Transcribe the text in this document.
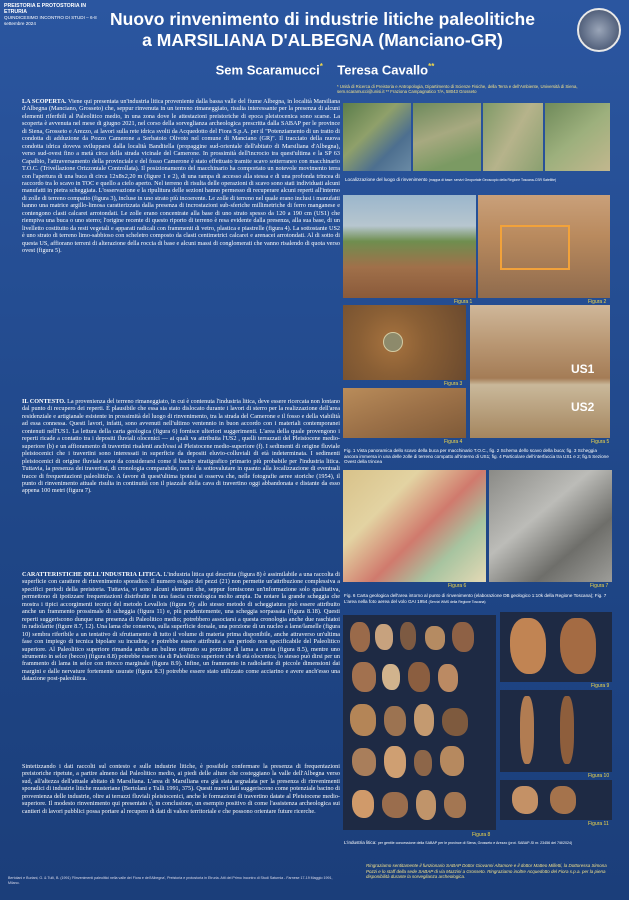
PREISTORIA E PROTOSTORIA IN ETRURIA
QUINDICESIMO INCONTRO DI STUDI – 6-8 settembre 2024	Nuovo rinvenimento di industrie litiche paleolitiche
a MARSILIANA D'ALBEGNA (Manciano-GR)
Sem Scaramucci* Teresa Cavallo**
* Unità di Ricerca di Preistoria e Antropologia, Dipartimento di Scienze Fisiche, della Terra e dell'Ambiente, Università di Siena, sem.scaramucci@unisi.it ** Fraziona Campagnatico 7/A, 58043 Grosseto

LA SCOPERTA. Viene qui presentata un'industria litica proveniente dalla bassa valle del fiume Albegna, in località Marsiliana d'Albegna (Manciano, Grosseto) che, seppur rinvenuta in un terreno rimaneggiato, risulta interessante per la presenza di alcuni elementi riferibili al Paleolitico medio, in una zona dove le attestazioni preistoriche di epoca pleistocenica sono scarse. La scoperta è avvenuta nel mese di giugno 2021, nel corso della sorveglianza archeologica prescritta dalla SABAP per le province di Siena, Grosseto e Arezzo, ai lavori sulla rete idrica svolti da Acquedotto del Fiora S.p.A. per il "Potenziamento di un tratto di condotta di adduzione da Pozzo Camerone a Serbatoio Olivoto nel comune di Manciano (GR)". Il tracciato della nuova condotta idrica doveva svilupparsi dalla località Banditella (propaggine sud-orientale dell'abitato di Marsiliana d'Albegna), verso sud-ovest fino a metà circa della strada vicinale del Camerone. In prossimità dell'incrocio tra quest'ultima e la SP 63 Capalbio, l'attraversamento della provinciale e del fosso Camerone è stato effettuato tramite scavo sotterraneo con macchinario T.O.C. (Trivellazione Orizzontale Controllata). Il posizionamento del macchinario ha comportato un notevole movimento terra con l'apertura di una buca di circa 12x8x2,20 m (figure 1 e 2), di una rampa di accesso alla stessa e di una profonda trincea di raccordo tra lo scavo in TOC e quello a cielo aperto. Nel terreno di risulta delle operazioni di scavo sono stati individuati alcuni manufatti in pietra scheggiata. L'osservazione e la ripulitura delle sezioni hanno permesso di recuperare alcuni reperti all'interno di zolle di terreno compatto (figura 3), incluse in uno strato più incoerente. Le zolle di terreno nel quale erano inclusi i manufatti hanno una matrice argillo-limosa caratterizzata dalla presenza di incrostazioni sub-sferiche millimetriche di ferro manganese e contengono clasti calcarei arrotondati. Le zolle erano concentrate alla base di uno strato spesso da 120 a 190 cm (US1) che riempiva una buca o uno sterro; l'origine recente di questo riporto di terreno è resa evidente dalla presenza, alla sua base, di un livelletto costituito da resti vegetali e apparati radicali con frammenti di vetro, plastica e piastrelle (figura 4). La sottostante US2 è uno strato di terreno limo-sabbioso con scheletro composto da clasti centimetrici calcarei e arenacei arrotondati. Al di sotto di questa US, affiorano terreni di alterazione della roccia di base e alcuni massi di conglomerati che vanno risalendo di quota verso ovest (figura 5).

IL CONTESTO. La provenienza del terreno rimaneggiato, in cui è contenuta l'industria litica, deve essere ricercata non lontano dal punto di recupero dei reperti. È plausibile che essa sia stato dislocato durante i lavori di sterro per la realizzazione dell'area residenziale e artigianale esistente in prossimità del luogo di rinvenimento, tra la strada del Camerone e il fosso e della viabilità ad essa connessa. Questi lavori, infatti, sono avvenuti nell'ultimo ventennio in buon accordo con i materiali contemporanei contenuti nell'US1. La lettura della carta geologica (figura 6) fornisce ulteriori suggerimenti. L'area della quale provengono i reperti ricade a contatto tra i depositi fluviali olocenici — ai quali va attribuita l'US2 , quelli terrazzati del Pleistocene medio-superiore (b) e un affioramento di travertini risalenti anch'essi al Pleistocene medio-superiore (f). I sedimenti di origine fluviale pleistocenici che i travertini sono interessati in superficie da depositi eluvio-colluviali di età indeterminata. I sedimenti pleistocenici di origine fluviale sono da considerarsi come il bacino stratigrafico primario più probabile per l'industria litica. Tuttavia, la presenza dei travertini, di cronologia comparabile, non è da sottovalutare in quanto alla localizzazione di eventuali tracce di frequentazioni paleolitiche. A favore di quest'ultima ipotesi si osserva che, nelle fotografie aeree storiche (1954), il punto di rinvenimento attuale risulta in continuità con il piazzale della cava di travertino oggi abbandonata e distante da esso appena 100 metri (figura 7).

CARATTERISTICHE DELL'INDUSTRIA LITICA. L'industria litica qui descritta (figura 8) è assimilabile a una raccolta di superficie con carattere di rinvenimento sporadico. Il numero esiguo dei pezzi (21) non permette un'attribuzione complessiva a specifici periodi della preistoria. Tuttavia, vi sono alcuni elementi che, seppur forniscono un'informazione solo qualitativa, permettono di ipotizzare frequentazioni distribuite in una fascia cronologica molto ampia. Da notare la grande scheggia che mostra i tipici accorgimenti tecnici del metodo Levallois (figura 9): allo stesso metodo di scheggiatura può essere attribuito anche un frammento prossimale di scheggia (figura 11) e, più prudentemente, una scheggia sorpassata (figura 8.18). Questi reperti suggeriscono dunque una presenza di Paleolitico medio; potrebbero associarsi a questa cronologia anche due raschiatoi in radiolarite (figure 8.7, 12). Una lama che conserva, sulla superficie dorsale, una porzione di un nucleo a lame/lamelle (figura 10) sembra riferibile a un tentativo di sfruttamento di tutto il volume di materia prima disponibile, anche attraverso un'ultima fase con impiego di tecnica bipolare su incudine, e potrebbe essere attribuita a un periodo non specificabile del Paleolitico superiore. Al Paleolitico superiore rimanda anche un bulino ottenuto su porzione di lama a cresta (figura 8.5), mentre uno strumento in selce (becco) (figura 8.8) potrebbe essere sia di Paleolitico superiore che di età olocenica; lo stesso può dirsi per un frammento di lama in selce con ritocco marginale (figura 8.9). Infine, un frammento in radiolarite di piccole dimensioni dai margini e dalle nervature fortemente usurate (figura 8.3) potrebbe essere stato utilizzato come acciarino e avere anch'esso una datazione post-paleolitica.

Sintetizzando i dati raccolti sul contesto e sulle industrie litiche, è possibile confermare la presenza di frequentazioni preistoriche ripetute, a partire almeno dal Paleolitico medio, ai piedi delle alture che costeggiano la valle dell'Albegna verso sud, all'altezza dell'attuale abitato di Marsiliana. L'area di Marsiliana era già stata segnalata per la presenza di rinvenimenti sporadici di industrie litiche musteriane (Bertolani e Tulli 1991, 375). Questi nuovi dati suggeriscono come potenziale bacino di provenienza delle industrie, oltre ai terrazzi fluviali pleistocenici, anche le formazioni di travertino datate al Pleistocene medio-superiore. Il modesto rinvenimento qui presentato è, in conclusione, un esempio positivo di come l'assistenza archeologica sui cantieri di lavori pubblici possa portare al recupero di dati di valore territoriale e che possono orientare future ricerche.

Bertolani e Buriani, G. & Tulli, B. (1991) 'Rinvenimenti paleolitici nella valle del Fiora e dell'Albegna', Preistoria e protostoria in Etruria. Atti del Primo Incontro di Studi Saturnia - Farnese 17-19 Maggio 1991, Milano.
Localizzazione del luogo di rinvenimento (mappa di base: servizi Geoportale Geoscopio della Regione Toscana-CSR Satellite)
Figura 1	Figura 2
Figura 3
Figura 4
US1
US2
Figura 5
Fig. 1 Vista panoramica dello scavo della buca per macchinario T.O.C., fig. 2 Schema dello scavo della buca; fig. 3 Scheggia ancora immersa in una delle zolle di terreno compatto all'interno di US1; fig. 4 Particolare dell'interfaccia tra US1 e 2; fig.5 Sezione Ovest della trincea
Figura 6	Figura 7
Fig. 6 Carta geologica dell'area intorno al punto di rinvenimento (elaborazione DB geologico 1:10k della Regione Toscana); Fig. 7 L'area nella foto aerea del volo GAI 1954 (Servizi WMS della Regione Toscana)
Figura 8
L'industria litica: per gentile concessione della SABAP per le province di Siena, Grosseto e Arezzo (prot. SABAP-SI nr. 23456 del 7/8/2024)
Figura 9
Figura 10
Figura 11
Ringraziamo sentitamente il funzionario SABAP Dottor Giovanni Altamore e il dottor Matteo Milletti, la Dottoressa Simona Pozzi e lo staff della sede SABAP di via Mazzini a Grosseto. Ringraziamo inoltre Acquedotto del Fiora s.p.a. per la piena disponibilità durante la sorveglianza archeologica.
